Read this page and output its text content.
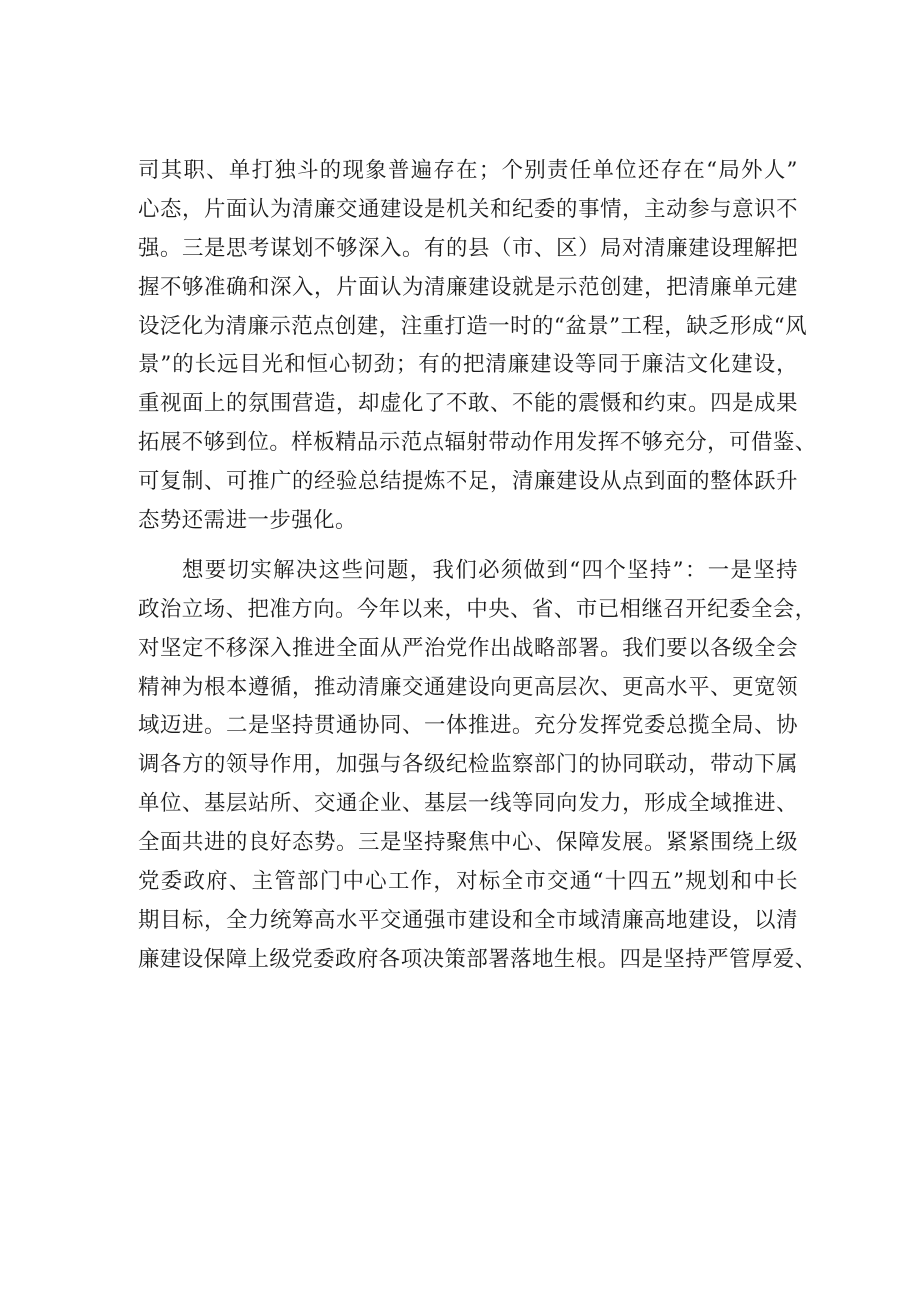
司其职、单打独斗的现象普遍存在；个别责任单位还存在“局外人”
心态，片面认为清廉交通建设是机关和纪委的事情，主动参与意识不
强。三是思考谋划不够深入。有的县（市、区）局对清廉建设理解把
握不够准确和深入，片面认为清廉建设就是示范创建，把清廉单元建
设泛化为清廉示范点创建，注重打造一时的“盆景”工程，缺乏形成“风
景”的长远目光和恒心韧劲；有的把清廉建设等同于廉洁文化建设，
重视面上的氛围营造，却虚化了不敢、不能的震慑和约束。四是成果
拓展不够到位。样板精品示范点辐射带动作用发挥不够充分，可借鉴、
可复制、可推广的经验总结提炼不足，清廉建设从点到面的整体跃升
态势还需进一步强化。
想要切实解决这些问题，我们必须做到“四个坚持”：一是坚持
政治立场、把准方向。今年以来，中央、省、市已相继召开纪委全会，
对坚定不移深入推进全面从严治党作出战略部署。我们要以各级全会
精神为根本遵循，推动清廉交通建设向更高层次、更高水平、更宽领
域迈进。二是坚持贯通协同、一体推进。充分发挥党委总揽全局、协
调各方的领导作用，加强与各级纪检监察部门的协同联动，带动下属
单位、基层站所、交通企业、基层一线等同向发力，形成全域推进、
全面共进的良好态势。三是坚持聚焦中心、保障发展。紧紧围绕上级
党委政府、主管部门中心工作，对标全市交通“十四五”规划和中长
期目标，全力统筹高水平交通强市建设和全市域清廉高地建设，以清
廉建设保障上级党委政府各项决策部署落地生根。四是坚持严管厚爱、
